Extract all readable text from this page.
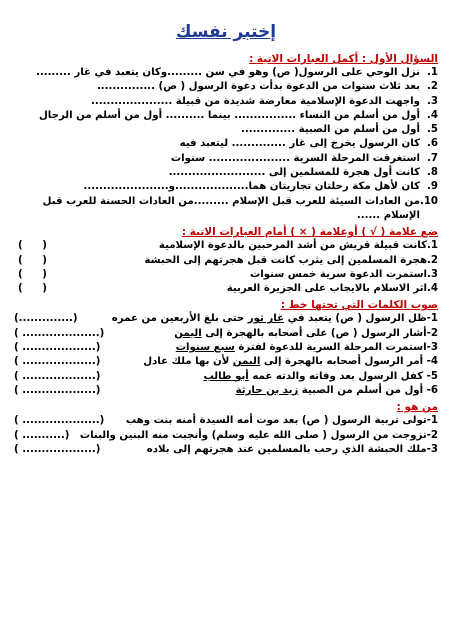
إختبر نفسك
السؤال الأول : أكمل العبارات الاتية :
1.
نزل الوحي على الرسول( ص) وهو في سن .........وكان يتعبد في غار .........
2.
بعد ثلاث سنوات من الدعوة بدأت دعوة الرسول ( ص) ...............
3.
واجهت الدعوة الإسلامية معارضة شديدة من قبيلة .....................
4.
أول من أسلم من النساء ................ بينما .......... أول من أسلم من الرجال
5.
أول من أسلم من الصبية ..............
6.
كان الرسول يخرج إلى غار .............. ليتعبد فيه
7.
استغرقت المرحلة السرية ..................... سنوات
8.
كانت أول هجرة للمسلمين إلى .........................
9.
كان لأهل مكة رحلتان تجاريتان هما...................و......................
10.
من العادات السيئة للعرب قبل الإسلام .........من العادات الحسنة للعرب قبل
الإسلام ......
ضع علامة ( √ ) أوعلامة ( × ) أمام العبارات الاتية :
1.كانت قبيلة قريش من أشد المرحبين بالدعوة الإسلامية
( )
2.هجرة المسلمين إلى يثرب كانت قبل هجرتهم إلى الحبشة
( )
3.استمرت الدعوة سرية خمس سنوات
( )
4.اثر الاسلام بالايجاب على الجزيرة العربية
( )
صوب الكلمات التي تحتها خط :
1-ظل الرسول ( ص) يتعبد في غار ثور حتى بلغ الأربعين من عمره
(..............)
2-أشار الرسول ( ص) على أصحابه بالهجرة إلى اليمن
( ....................)
3-استمرت المرحلة السرية للدعوة لفترة سبع سنوات
( ...................)
4- أمر الرسول أصحابه بالهجرة إلى اليمن لأن بها ملك عادل
( ...................)
5- كفل الرسول بعد وفاته والدته عمه أبو طالب
( ...................)
6- أول من أسلم من الصبية زيد بن حارثة
( ...................)
من هو :
1-تولى تربية الرسول ( ص) بعد موت أمه السيدة أمنه بنت وهب
( ....................)
2-تزوجت من الرسول ( صلى الله عليه وسلم) وأنجبت منه البنين والبنات
( ...........)
3-ملك الحبشة الذي رحب بالمسلمين عند هجرتهم إلى بلاده
( ...................)
